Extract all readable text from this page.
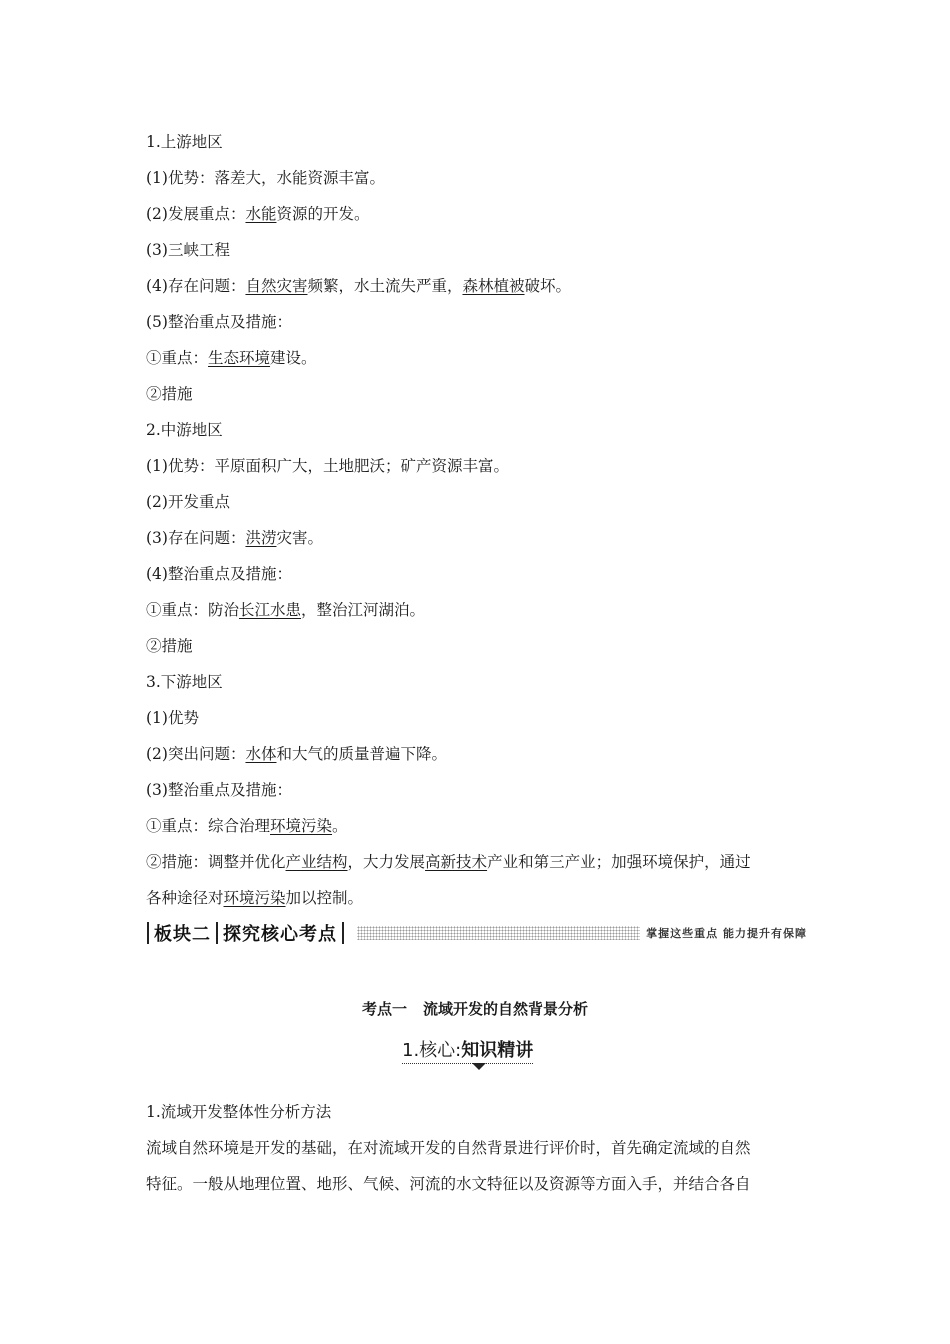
1.上游地区
(1)优势：落差大，水能资源丰富。
(2)发展重点：水能资源的开发。
(3)三峡工程
(4)存在问题：自然灾害频繁，水土流失严重，森林植被破坏。
(5)整治重点及措施：
①重点：生态环境建设。
②措施
2.中游地区
(1)优势：平原面积广大，土地肥沃；矿产资源丰富。
(2)开发重点
(3)存在问题：洪涝灾害。
(4)整治重点及措施：
①重点：防治长江水患，整治江河湖泊。
②措施
3.下游地区
(1)优势
(2)突出问题：水体和大气的质量普遍下降。
(3)整治重点及措施：
①重点：综合治理环境污染。
②措施：调整并优化产业结构，大力发展高新技术产业和第三产业；加强环境保护，通过
各种途径对环境污染加以控制。
板块二 探究核心考点	掌握这些重点 能力提升有保障
考点一 流域开发的自然背景分析
1.核心:知识精讲
1.流域开发整体性分析方法
流域自然环境是开发的基础，在对流域开发的自然背景进行评价时，首先确定流域的自然
特征。一般从地理位置、地形、气候、河流的水文特征以及资源等方面入手，并结合各自
